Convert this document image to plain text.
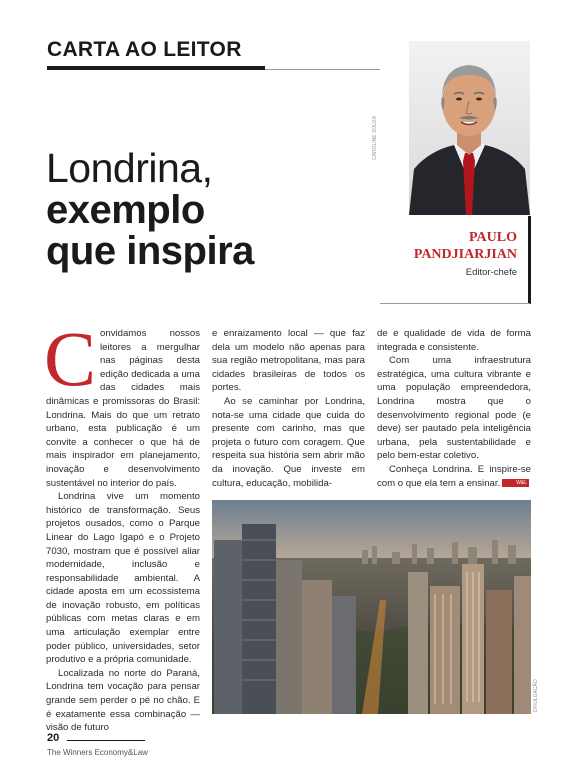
CARTA AO LEITOR
Londrina,
exemplo
que inspira
CAROLINE SOUZA
PAULO
PANDJIARJIAN
Editor-chefe

Convidamos nossos leitores a mergulhar nas páginas desta edição dedicada a uma das cidades mais dinâmicas e promissoras do Brasil: Londrina. Mais do que um retrato urbano, esta publicação é um convite a conhecer o que há de mais inspirador em planejamento, inovação e desenvolvimento sustentável no interior do país.

Londrina vive um momento histórico de transformação. Seus projetos ousados, como o Parque Linear do Lago Igapó e o Projeto 7030, mostram que é possível aliar modernidade, inclusão e responsabilidade ambiental. A cidade aposta em um ecossistema de inovação robusto, em políticas públicas com metas claras e em uma articulação exemplar entre poder público, universidades, setor produtivo e a própria comunidade.

Localizada no norte do Paraná, Londrina tem vocação para pensar grande sem perder o pé no chão. E é exatamente essa combinação — visão de futuro

e enraizamento local — que faz dela um modelo não apenas para sua região metropolitana, mas para cidades brasileiras de todos os portes.

Ao se caminhar por Londrina, nota-se uma cidade que cuida do presente com carinho, mas que projeta o futuro com coragem. Que respeita sua história sem abrir mão da inovação. Que investe em cultura, educação, mobilida-

de e qualidade de vida de forma integrada e consistente.

Com uma infraestrutura estratégica, uma cultura vibrante e uma população empreendedora, Londrina mostra que o desenvolvimento regional pode (e deve) ser pautado pela inteligência urbana, pela sustentabilidade e pelo bem-estar coletivo.

Conheça Londrina. E inspire-se com o que ela tem a ensinar.	W&L

DIVULGAÇÃO
20
The Winners Economy&Law
